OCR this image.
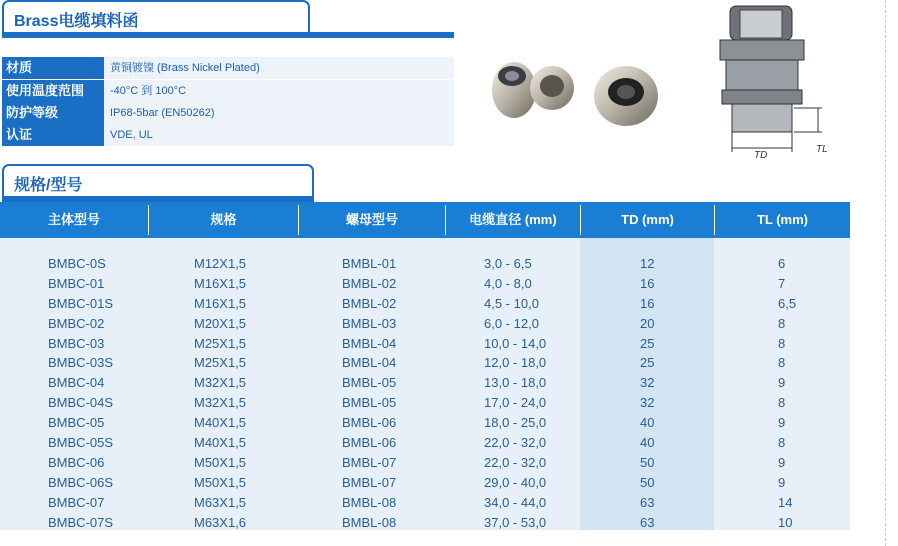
Brass电缆填料函
材质	黄铜镀镍 (Brass Nickel Plated)
使用温度范围	-40°C 到 100°C
防护等级	IP68-5bar (EN50262)
认证	VDE, UL
TD
TL
规格/型号
主体型号	规格	螺母型号	电缆直径 (mm)	TD (mm)	TL (mm)
BMBC-0S	M12X1,5	BMBL-01	3,0 - 6,5	12	6
BMBC-01	M16X1,5	BMBL-02	4,0 - 8,0	16	7
BMBC-01S	M16X1,5	BMBL-02	4,5 - 10,0	16	6,5
BMBC-02	M20X1,5	BMBL-03	6,0 - 12,0	20	8
BMBC-03	M25X1,5	BMBL-04	10,0 - 14,0	25	8
BMBC-03S	M25X1,5	BMBL-04	12,0 - 18,0	25	8
BMBC-04	M32X1,5	BMBL-05	13,0 - 18,0	32	9
BMBC-04S	M32X1,5	BMBL-05	17,0 - 24,0	32	8
BMBC-05	M40X1,5	BMBL-06	18,0 - 25,0	40	9
BMBC-05S	M40X1,5	BMBL-06	22,0 - 32,0	40	8
BMBC-06	M50X1,5	BMBL-07	22,0 - 32,0	50	9
BMBC-06S	M50X1,5	BMBL-07	29,0 - 40,0	50	9
BMBC-07	M63X1,5	BMBL-08	34,0 - 44,0	63	14
BMBC-07S	M63X1,6	BMBL-08	37,0 - 53,0	63	10
